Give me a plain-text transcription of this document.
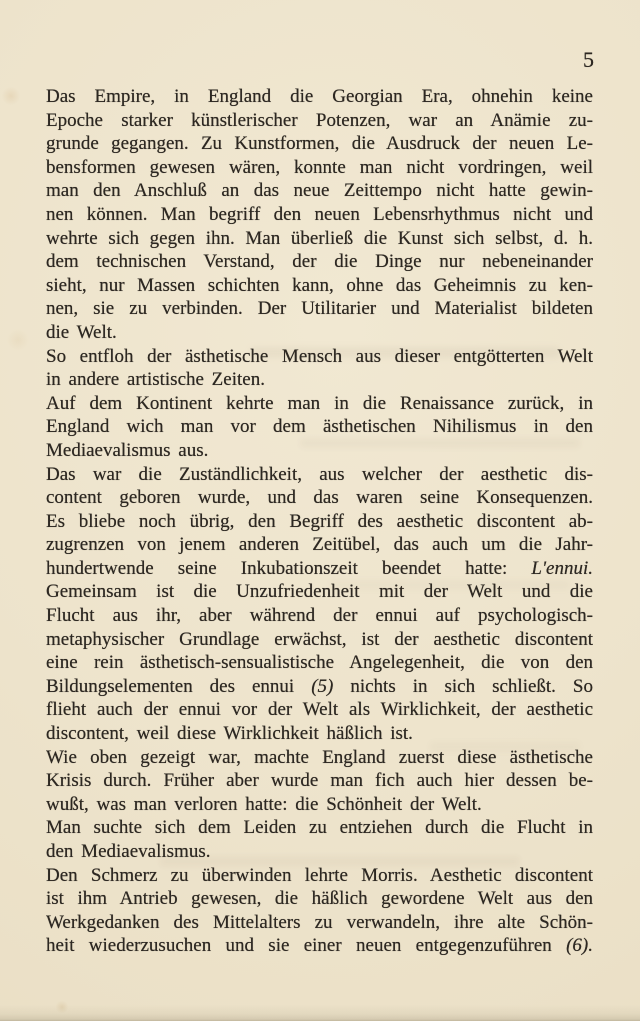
5
Das Empire, in England die Georgian Era, ohnehin keine
Epoche starker künstlerischer Potenzen, war an Anämie zu-
grunde gegangen. Zu Kunstformen, die Ausdruck der neuen Le-
bensformen gewesen wären, konnte man nicht vordringen, weil
man den Anschluß an das neue Zeittempo nicht hatte gewin-
nen können. Man begriff den neuen Lebensrhythmus nicht und
wehrte sich gegen ihn. Man überließ die Kunst sich selbst, d. h.
dem technischen Verstand, der die Dinge nur nebeneinander
sieht, nur Massen schichten kann, ohne das Geheimnis zu ken-
nen, sie zu verbinden. Der Utilitarier und Materialist bildeten
die Welt.
So entfloh der ästhetische Mensch aus dieser entgötterten Welt
in andere artistische Zeiten.
Auf dem Kontinent kehrte man in die Renaissance zurück, in
England wich man vor dem ästhetischen Nihilismus in den
Mediaevalismus aus.
Das war die Zuständlichkeit, aus welcher der aesthetic dis-
content geboren wurde, und das waren seine Konsequenzen.
Es bliebe noch übrig, den Begriff des aesthetic discontent ab-
zugrenzen von jenem anderen Zeitübel, das auch um die Jahr-
hundertwende seine Inkubationszeit beendet hatte: L'ennui.
Gemeinsam ist die Unzufriedenheit mit der Welt und die
Flucht aus ihr, aber während der ennui auf psychologisch-
metaphysischer Grundlage erwächst, ist der aesthetic discontent
eine rein ästhetisch-sensualistische Angelegenheit, die von den
Bildungselementen des ennui (5) nichts in sich schließt. So
flieht auch der ennui vor der Welt als Wirklichkeit, der aesthetic
discontent, weil diese Wirklichkeit häßlich ist.
Wie oben gezeigt war, machte England zuerst diese ästhetische
Krisis durch. Früher aber wurde man fich auch hier dessen be-
wußt, was man verloren hatte: die Schönheit der Welt.
Man suchte sich dem Leiden zu entziehen durch die Flucht in
den Mediaevalismus.
Den Schmerz zu überwinden lehrte Morris. Aesthetic discontent
ist ihm Antrieb gewesen, die häßlich gewordene Welt aus den
Werkgedanken des Mittelalters zu verwandeln, ihre alte Schön-
heit wiederzusuchen und sie einer neuen entgegenzuführen (6).
